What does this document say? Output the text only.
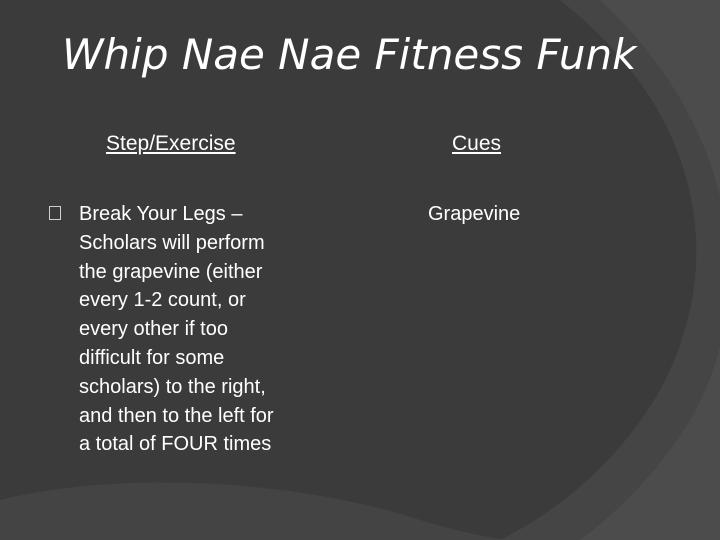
Whip Nae Nae Fitness Funk
Step/Exercise	Cues
Break Your Legs –
Scholars will perform
the grapevine (either
every 1-2 count, or
every other if too
difficult for some
scholars) to the right,
and then to the left for
a total of FOUR times
Grapevine
